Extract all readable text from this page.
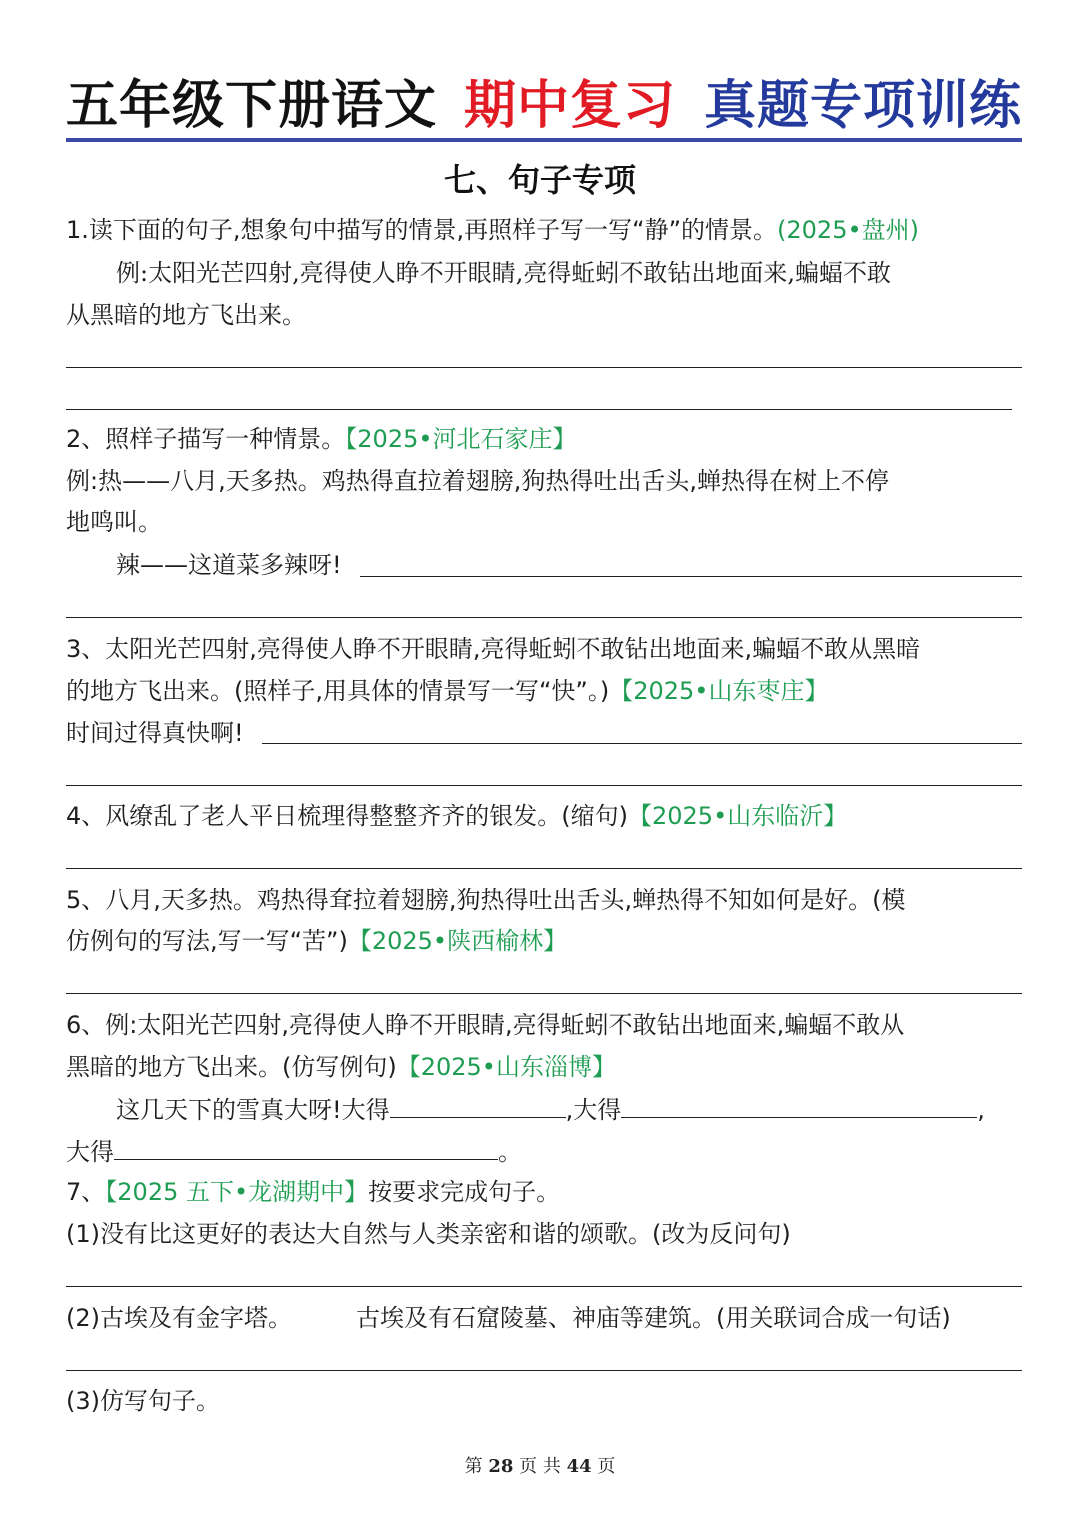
五年级下册语文 期中复习 真题专项训练
七、句子专项
1.读下面的句子,想象句中描写的情景,再照样子写一写“静”的情景。(2025•盘州)
例:太阳光芒四射,亮得使人睁不开眼睛,亮得蚯蚓不敢钻出地面来,蝙蝠不敢
从黑暗的地方飞出来。
2、照样子描写一种情景。【2025•河北石家庄】
例:热——八月,天多热。鸡热得直拉着翅膀,狗热得吐出舌头,蝉热得在树上不停
地鸣叫。
辣——这道菜多辣呀!
3、太阳光芒四射,亮得使人睁不开眼睛,亮得蚯蚓不敢钻出地面来,蝙蝠不敢从黑暗
的地方飞出来。(照样子,用具体的情景写一写“快”。)【2025•山东枣庄】
时间过得真快啊!
4、风缭乱了老人平日梳理得整整齐齐的银发。(缩句)【2025•山东临沂】
5、八月,天多热。鸡热得耷拉着翅膀,狗热得吐出舌头,蝉热得不知如何是好。(模
仿例句的写法,写一写“苦”)【2025•陕西榆林】
6、例:太阳光芒四射,亮得使人睁不开眼睛,亮得蚯蚓不敢钻出地面来,蝙蝠不敢从
黑暗的地方飞出来。(仿写例句)【2025•山东淄博】
这几天下的雪真大呀!大得	,大得	,
大得	。
7、【2025 五下•龙湖期中】按要求完成句子。
(1)没有比这更好的表达大自然与人类亲密和谐的颂歌。(改为反问句)
(2)古埃及有金字塔。	古埃及有石窟陵墓、神庙等建筑。(用关联词合成一句话)
(3)仿写句子。
第 28 页 共 44 页
